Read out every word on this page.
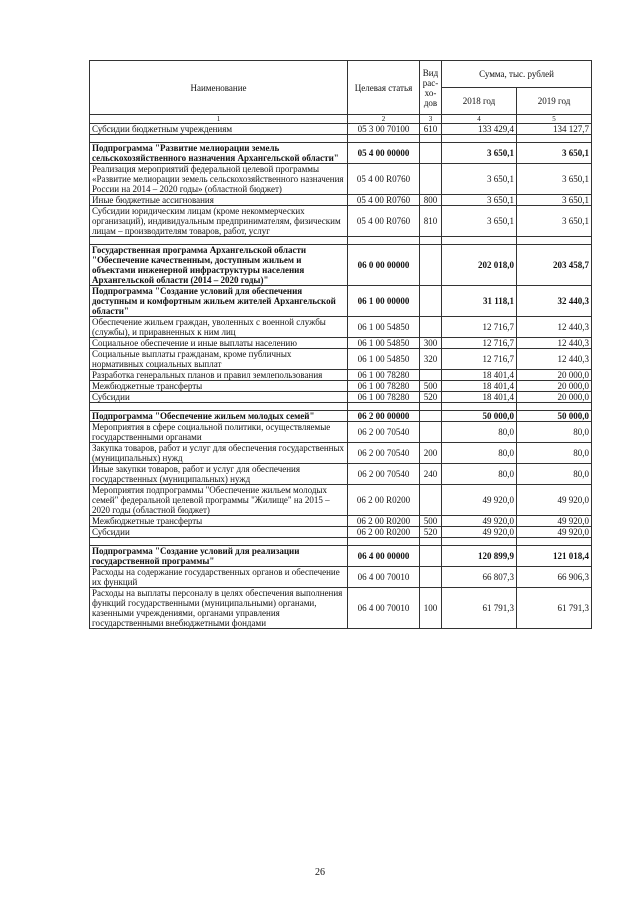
Наименование	Целевая статья	Вид рас-
хо-
дов	Сумма, тыс. рублей	
			2018 год	2019 год
1	2	3	4	5
Субсидии бюджетным учреждениям	05 3 00 70100	610	133 429,4	134 127,7

Подпрограмма "Развитие мелиорации земель сельскохозяйственного назначения Архангельской области"	05 4 00 00000		3 650,1	3 650,1
Реализация мероприятий федеральной целевой программы «Развитие мелиорации земель сельскохозяйственного назначения России на 2014 – 2020 годы» (областной бюджет)	05 4 00 R0760		3 650,1	3 650,1
Иные бюджетные ассигнования	05 4 00 R0760	800	3 650,1	3 650,1
Субсидии юридическим лицам (кроме некоммерческих организаций), индивидуальным предпринимателям, физическим лицам – производителям товаров, работ, услуг	05 4 00 R0760	810	3 650,1	3 650,1

Государственная программа Архангельской области "Обеспечение качественным, доступным жильем и объектами инженерной инфраструктуры населения Архангельской области (2014 – 2020 годы)"	06 0 00 00000		202 018,0	203 458,7
Подпрограмма "Создание условий для обеспечения доступным и комфортным жильем жителей Архангельской области"	06 1 00 00000		31 118,1	32 440,3
Обеспечение жильем граждан, уволенных с военной службы (службы), и приравненных к ним лиц	06 1 00 54850		12 716,7	12 440,3
Социальное обеспечение и иные выплаты населению	06 1 00 54850	300	12 716,7	12 440,3
Социальные выплаты гражданам, кроме публичных нормативных социальных выплат	06 1 00 54850	320	12 716,7	12 440,3
Разработка генеральных планов и правил землепользования	06 1 00 78280		18 401,4	20 000,0
Межбюджетные трансферты	06 1 00 78280	500	18 401,4	20 000,0
Субсидии	06 1 00 78280	520	18 401,4	20 000,0

Подпрограмма "Обеспечение жильем молодых семей"	06 2 00 00000		50 000,0	50 000,0
Мероприятия в сфере социальной политики, осуществляемые государственными органами	06 2 00 70540		80,0	80,0
Закупка товаров, работ и услуг для обеспечения государственных (муниципальных) нужд	06 2 00 70540	200	80,0	80,0
Иные закупки товаров, работ и услуг для обеспечения государственных (муниципальных) нужд	06 2 00 70540	240	80,0	80,0
Мероприятия подпрограммы "Обеспечение жильем молодых семей" федеральной целевой программы "Жилище" на 2015 – 2020 годы (областной бюджет)	06 2 00 R0200		49 920,0	49 920,0
Межбюджетные трансферты	06 2 00 R0200	500	49 920,0	49 920,0
Субсидии	06 2 00 R0200	520	49 920,0	49 920,0

Подпрограмма "Создание условий для реализации государственной программы"	06 4 00 00000		120 899,9	121 018,4
Расходы на содержание государственных органов и обеспечение их функций	06 4 00 70010		66 807,3	66 906,3
Расходы на выплаты персоналу в целях обеспечения выполнения функций государственными (муниципальными) органами, казенными учреждениями, органами управления государственными внебюджетными фондами	06 4 00 70010	100	61 791,3	61 791,3
26
